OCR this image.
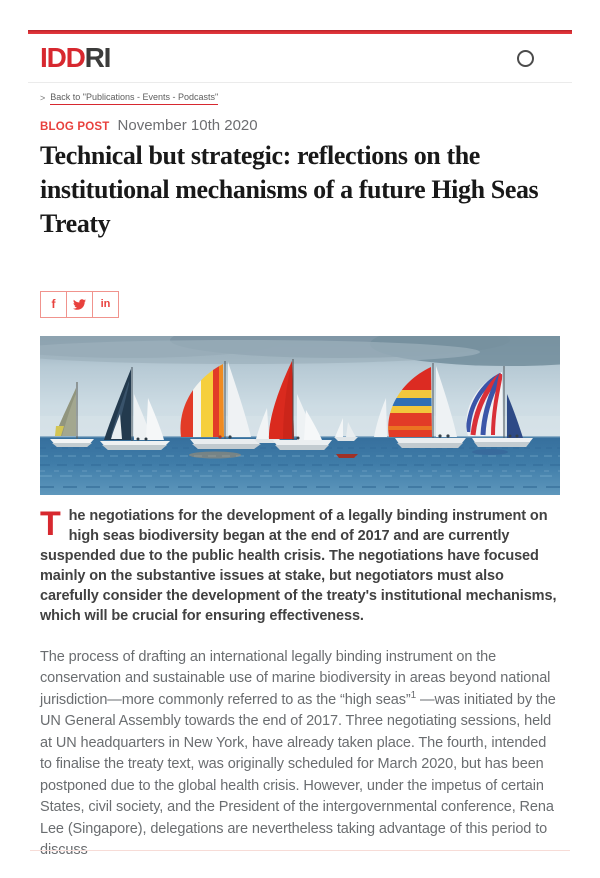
IDDRI
> Back to "Publications - Events - Podcasts"
BLOG POST November 10th 2020
Technical but strategic: reflections on the institutional mechanisms of a future High Seas Treaty
f	in

The negotiations for the development of a legally binding instrument on high seas biodiversity began at the end of 2017 and are currently suspended due to the public health crisis. The negotiations have focused mainly on the substantive issues at stake, but negotiators must also carefully consider the development of the treaty's institutional mechanisms, which will be crucial for ensuring effectiveness.

The process of drafting an international legally binding instrument on the conservation and sustainable use of marine biodiversity in areas beyond national jurisdiction—more commonly referred to as the “high seas”$^1$ —was initiated by the UN General Assembly towards the end of 2017. Three negotiating sessions, held at UN headquarters in New York, have already taken place. The fourth, intended to finalise the treaty text, was originally scheduled for March 2020, but has been postponed due to the global health crisis. However, under the impetus of certain States, civil society, and the President of the intergovernmental conference, Rena Lee (Singapore), delegations are nevertheless taking advantage of this period to discuss
